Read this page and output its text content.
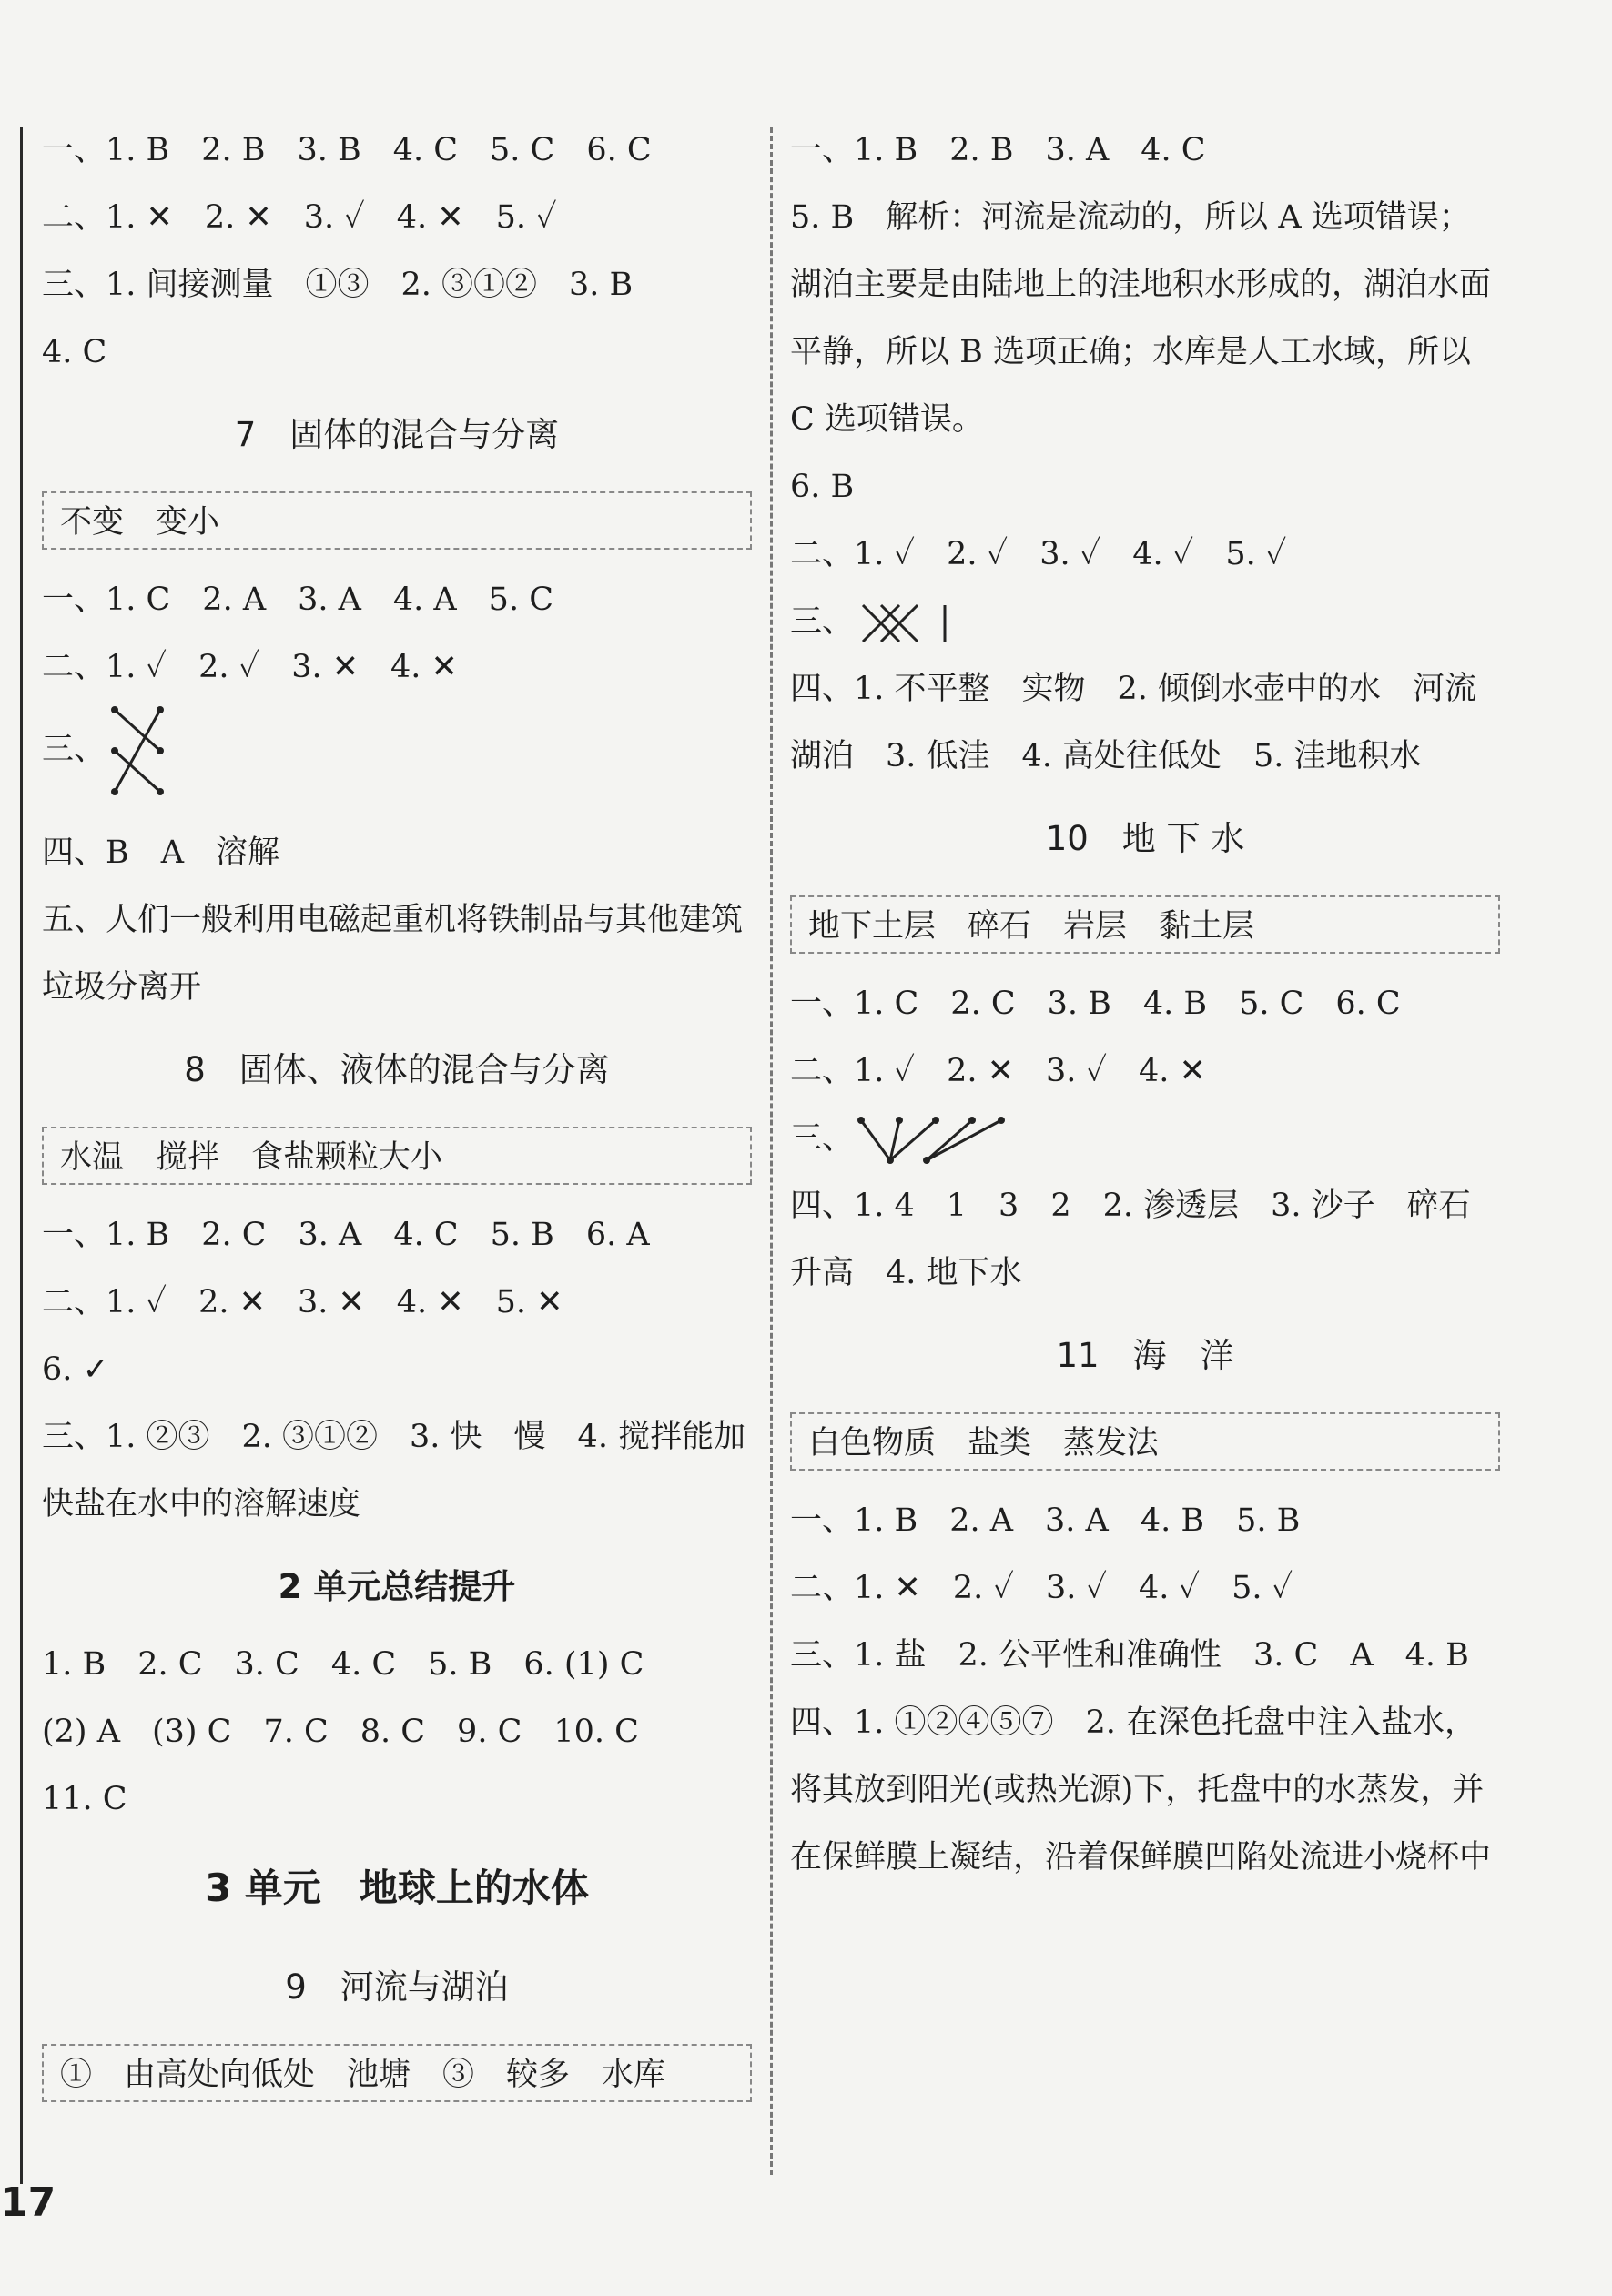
一、1. B　2. B　3. B　4. C　5. C　6. C
二、1. ✕　2. ✕　3. ✓　4. ✕　5. ✓
三、1. 间接测量　①③　2. ③①②　3. B
4. C
7　固体的混合与分离
不变　变小
一、1. C　2. A　3. A　4. A　5. C
二、1. ✓　2. ✓　3. ✕　4. ✕
三、
四、B　A　溶解
五、人们一般利用电磁起重机将铁制品与其他建筑垃圾分离开
8　固体、液体的混合与分离
水温　搅拌　食盐颗粒大小
一、1. B　2. C　3. A　4. C　5. B　6. A
二、1. ✓　2. ✕　3. ✕　4. ✕　5. ✕
6. ✓
三、1. ②③　2. ③①②　3. 快　慢　4. 搅拌能加快盐在水中的溶解速度
2 单元总结提升
1. B　2. C　3. C　4. C　5. B　6. (1) C
(2) A　(3) C　7. C　8. C　9. C　10. C
11. C
3 单元　地球上的水体
9　河流与湖泊
①　由高处向低处　池塘　③　较多　水库
一、1. B　2. B　3. A　4. C
5. B　解析：河流是流动的，所以 A 选项错误；湖泊主要是由陆地上的洼地积水形成的，湖泊水面平静，所以 B 选项正确；水库是人工水域，所以 C 选项错误。
6. B
二、1. ✓　2. ✓　3. ✓　4. ✓　5. ✓
三、
四、1. 不平整　实物　2. 倾倒水壶中的水　河流　湖泊　3. 低洼　4. 高处往低处　5. 洼地积水
10　地 下 水
地下土层　碎石　岩层　黏土层
一、1. C　2. C　3. B　4. B　5. C　6. C
二、1. ✓　2. ✕　3. ✓　4. ✕
三、
四、1. 4　1　3　2　2. 渗透层　3. 沙子　碎石　升高　4. 地下水
11　海　洋
白色物质　盐类　蒸发法
一、1. B　2. A　3. A　4. B　5. B
二、1. ✕　2. ✓　3. ✓　4. ✓　5. ✓
三、1. 盐　2. 公平性和准确性　3. C　A　4. B
四、1. ①②④⑤⑦　2. 在深色托盘中注入盐水，将其放到阳光(或热光源)下，托盘中的水蒸发，并在保鲜膜上凝结，沿着保鲜膜凹陷处流进小烧杯中
17
